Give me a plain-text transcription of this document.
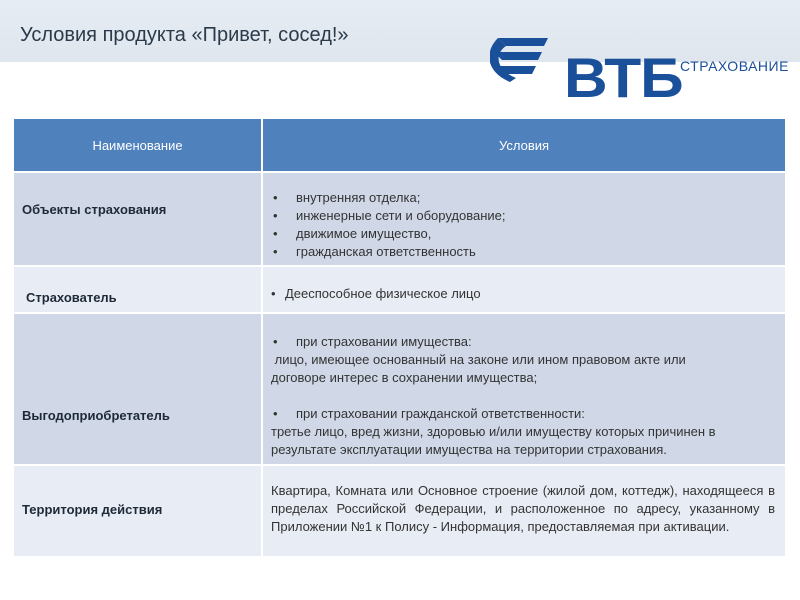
Условия продукта «Привет, сосед!»
ВТБ
СТРАХОВАНИЕ
Наименование	Условия
Объекты страхования
• внутренняя отделка;
• инженерные сети и оборудование;
• движимое имущество,
• гражданская ответственность
Страхователь	• Дееспособное физическое лицо
Выгодоприобретатель
• при страховании имущества:
лицо, имеющее основанный на законе или ином правовом акте или
договоре интерес в сохранении имущества;
• при страховании гражданской ответственности:
третье лицо, вред жизни, здоровью и/или имуществу которых причинен в
результате эксплуатации имущества на территории страхования.
Территория действия
Квартира, Комната или Основное строение (жилой дом, коттедж), находящееся в пределах Российской Федерации, и расположенное по адресу, указанному в Приложении №1 к Полису - Информация, предоставляемая при активации.
